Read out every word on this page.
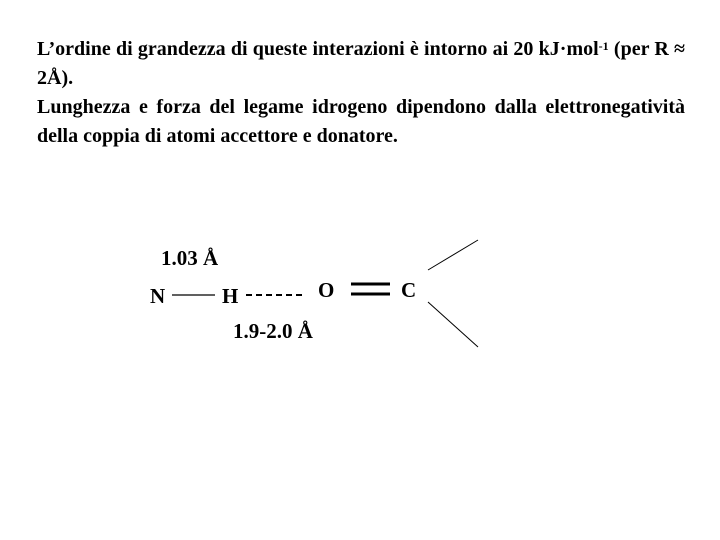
L’ordine di grandezza di queste interazioni è intorno ai 20 kJ·mol$^{-1}$ (per R ≈ 2Å).

Lunghezza e forza del legame idrogeno dipendono dalla elettronegatività della coppia di atomi accettore e donatore.

1.03 Å
N	H	O	C
1.9-2.0 Å
